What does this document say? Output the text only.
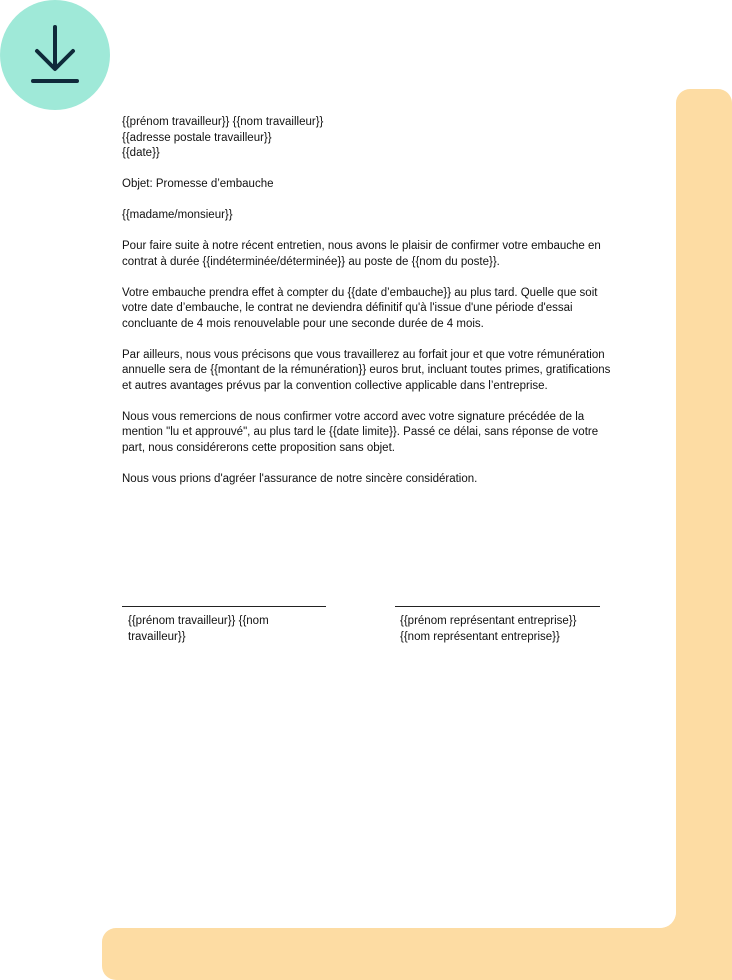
{{prénom travailleur}} {{nom travailleur}}

{{adresse postale travailleur}}

{{date}}

Objet: Promesse d’embauche

{{madame/monsieur}}

Pour faire suite à notre récent entretien, nous avons le plaisir de confirmer votre embauche en contrat à durée {{indéterminée/déterminée}} au poste de {{nom du poste}}.

Votre embauche prendra effet à compter du {{date d’embauche}} au plus tard. Quelle que soit votre date d’embauche, le contrat ne deviendra définitif qu'à l'issue d'une période d'essai concluante de 4 mois renouvelable pour une seconde durée de 4 mois.

Par ailleurs, nous vous précisons que vous travaillerez au forfait jour et que votre rémunération annuelle sera de {{montant de la rémunération}} euros brut, incluant toutes primes, gratifications et autres avantages prévus par la convention collective applicable dans l’entreprise.

Nous vous remercions de nous confirmer votre accord avec votre signature précédée de la mention "lu et approuvé", au plus tard le {{date limite}}. Passé ce délai, sans réponse de votre part, nous considérerons cette proposition sans objet.

Nous vous prions d'agréer l'assurance de notre sincère considération.

{{prénom travailleur}} {{nom travailleur}}
{{prénom représentant entreprise}} {{nom représentant entreprise}}
